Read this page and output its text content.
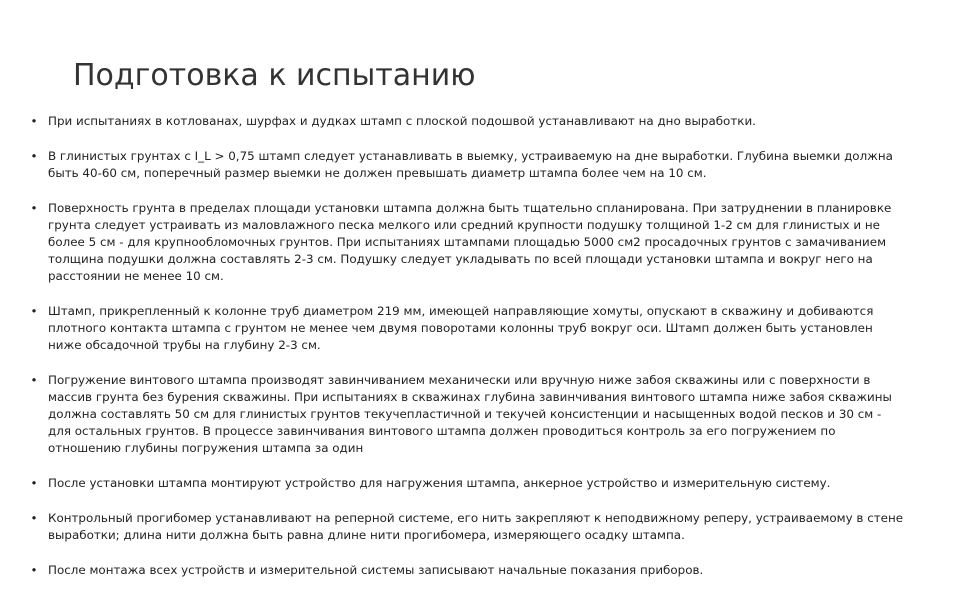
Подготовка к испытанию
• При испытаниях в котлованах, шурфах и дудках штамп с плоской подошвой устанавливают на дно выработки.
• В глинистых грунтах с I_L > 0,75 штамп следует устанавливать в выемку, устраиваемую на дне выработки. Глубина выемки должна быть 40-60 см, поперечный размер выемки не должен превышать диаметр штампа более чем на 10 см.
• Поверхность грунта в пределах площади установки штампа должна быть тщательно спланирована. При затруднении в планировке грунта следует устраивать из маловлажного песка мелкого или средний крупности подушку толщиной 1-2 см для глинистых и не более 5 см - для крупнообломочных грунтов. При испытаниях штампами площадью 5000 см2 просадочных грунтов с замачиванием толщина подушки должна составлять 2-3 см. Подушку следует укладывать по всей площади установки штампа и вокруг него на расстоянии не менее 10 см.
• Штамп, прикрепленный к колонне труб диаметром 219 мм, имеющей направляющие хомуты, опускают в скважину и добиваются плотного контакта штампа с грунтом не менее чем двумя поворотами колонны труб вокруг оси. Штамп должен быть установлен ниже обсадочной трубы на глубину 2-3 см.
• Погружение винтового штампа производят завинчиванием механически или вручную ниже забоя скважины или с поверхности в массив грунта без бурения скважины. При испытаниях в скважинах глубина завинчивания винтового штампа ниже забоя скважины должна составлять 50 см для глинистых грунтов текучепластичной и текучей консистенции и насыщенных водой песков и 30 см - для остальных грунтов. В процессе завинчивания винтового штампа должен проводиться контроль за его погружением по отношению глубины погружения штампа за один
• После установки штампа монтируют устройство для нагружения штампа, анкерное устройство и измерительную систему.
• Контрольный прогибомер устанавливают на реперной системе, его нить закрепляют к неподвижному реперу, устраиваемому в стене выработки; длина нити должна быть равна длине нити прогибомера, измеряющего осадку штампа.
• После монтажа всех устройств и измерительной системы записывают начальные показания приборов.
